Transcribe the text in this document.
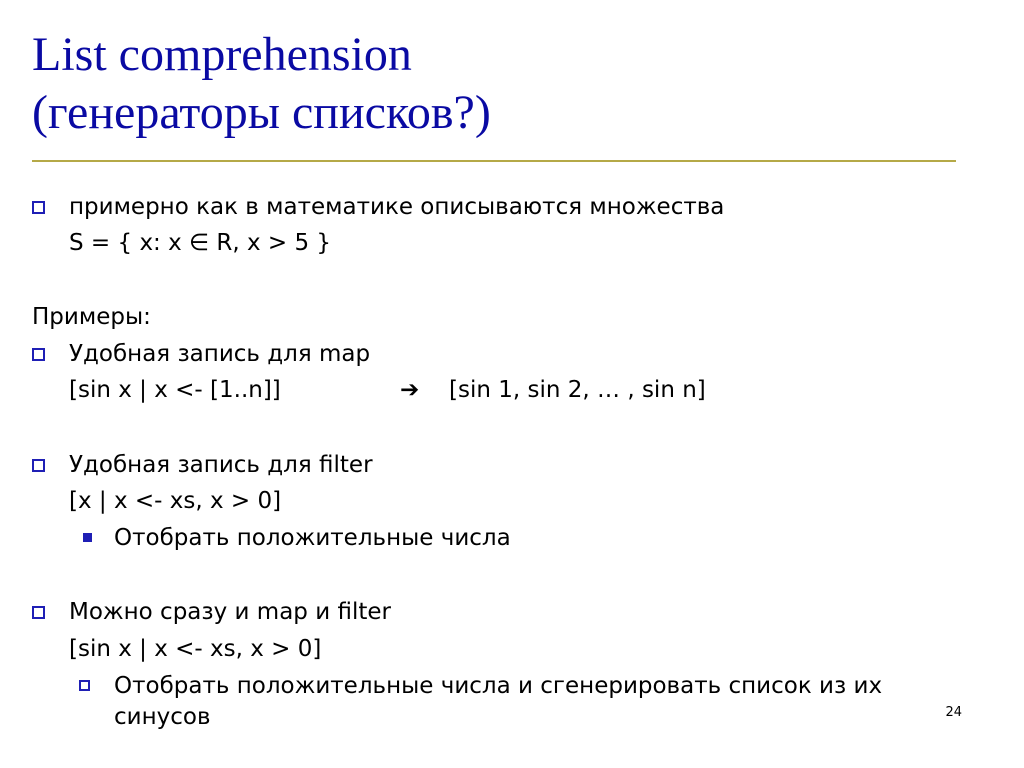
List comprehension
(генераторы списков?)
примерно как в математике описываются множества
S = { x: x ∈ R, x > 5 }
Примеры:
Удобная запись для map
[sin x | x <- [1..n]]	➔ [sin 1, sin 2, … , sin n]
Удобная запись для filter
[x | x <- xs, x > 0]
Отобрать положительные числа
Можно сразу и map и filter
[sin x | x <- xs, x > 0]
Отобрать положительные числа и сгенерировать список из их
синусов	24
